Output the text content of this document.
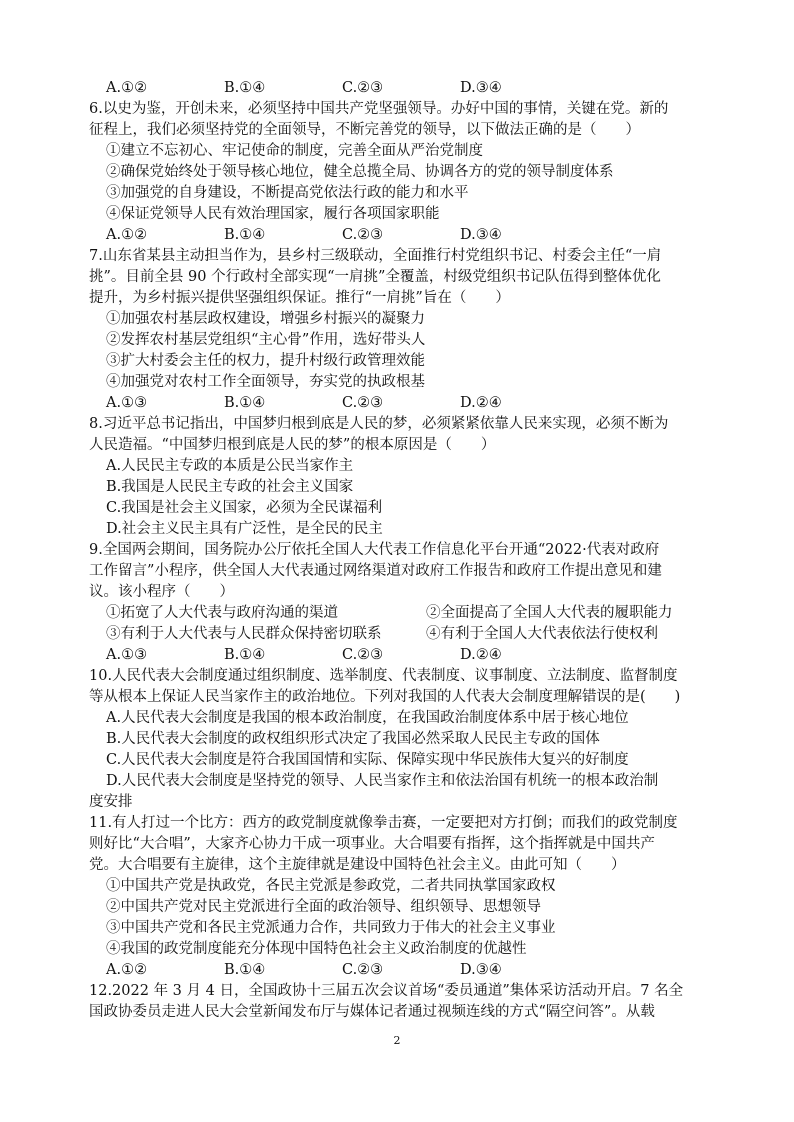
A.①②	B.①④	C.②③	D.③④
6.以史为鉴，开创未来，必须坚持中国共产党坚强领导。办好中国的事情，关键在党。新的
征程上，我们必须坚持党的全面领导，不断完善党的领导，以下做法正确的是（　　）
①建立不忘初心、牢记使命的制度，完善全面从严治党制度
②确保党始终处于领导核心地位，健全总揽全局、协调各方的党的领导制度体系
③加强党的自身建设，不断提高党依法行政的能力和水平
④保证党领导人民有效治理国家，履行各项国家职能
A.①②	B.①④	C.②③	D.③④
7.山东省某县主动担当作为，县乡村三级联动，全面推行村党组织书记、村委会主任“一肩
挑”。目前全县 90 个行政村全部实现“一肩挑”全覆盖，村级党组织书记队伍得到整体优化
提升，为乡村振兴提供坚强组织保证。推行“一肩挑”旨在（　　）
①加强农村基层政权建设，增强乡村振兴的凝聚力
②发挥农村基层党组织“主心骨”作用，选好带头人
③扩大村委会主任的权力，提升村级行政管理效能
④加强党对农村工作全面领导，夯实党的执政根基
A.①③	B.①④	C.②③	D.②④
8.习近平总书记指出，中国梦归根到底是人民的梦，必须紧紧依靠人民来实现，必须不断为
人民造福。“中国梦归根到底是人民的梦”的根本原因是（　　）
A.人民民主专政的本质是公民当家作主
B.我国是人民民主专政的社会主义国家
C.我国是社会主义国家，必须为全民谋福利
D.社会主义民主具有广泛性，是全民的民主
9.全国两会期间，国务院办公厅依托全国人大代表工作信息化平台开通“2022·代表对政府
工作留言”小程序，供全国人大代表通过网络渠道对政府工作报告和政府工作提出意见和建
议。该小程序（　　）
①拓宽了人大代表与政府沟通的渠道	②全面提高了全国人大代表的履职能力
③有利于人大代表与人民群众保持密切联系	④有利于全国人大代表依法行使权利
A.①③	B.①④	C.②③	D.②④
10.人民代表大会制度通过组织制度、选举制度、代表制度、议事制度、立法制度、监督制度
等从根本上保证人民当家作主的政治地位。下列对我国的人代表大会制度理解错误的是(　　)
A.人民代表大会制度是我国的根本政治制度，在我国政治制度体系中居于核心地位
B.人民代表大会制度的政权组织形式决定了我国必然采取人民民主专政的国体
C.人民代表大会制度是符合我国国情和实际、保障实现中华民族伟大复兴的好制度
D.人民代表大会制度是坚持党的领导、人民当家作主和依法治国有机统一的根本政治制
度安排
11.有人打过一个比方：西方的政党制度就像拳击赛，一定要把对方打倒；而我们的政党制度
则好比“大合唱”，大家齐心协力干成一项事业。大合唱要有指挥，这个指挥就是中国共产
党。大合唱要有主旋律，这个主旋律就是建设中国特色社会主义。由此可知（　　）
①中国共产党是执政党，各民主党派是参政党，二者共同执掌国家政权
②中国共产党对民主党派进行全面的政治领导、组织领导、思想领导
③中国共产党和各民主党派通力合作，共同致力于伟大的社会主义事业
④我国的政党制度能充分体现中国特色社会主义政治制度的优越性
A.①②	B.①④	C.②③	D.③④
12.2022 年 3 月 4 日，全国政协十三届五次会议首场“委员通道”集体采访活动开启。7 名全
国政协委员走进人民大会堂新闻发布厅与媒体记者通过视频连线的方式“隔空问答”。从载
2
